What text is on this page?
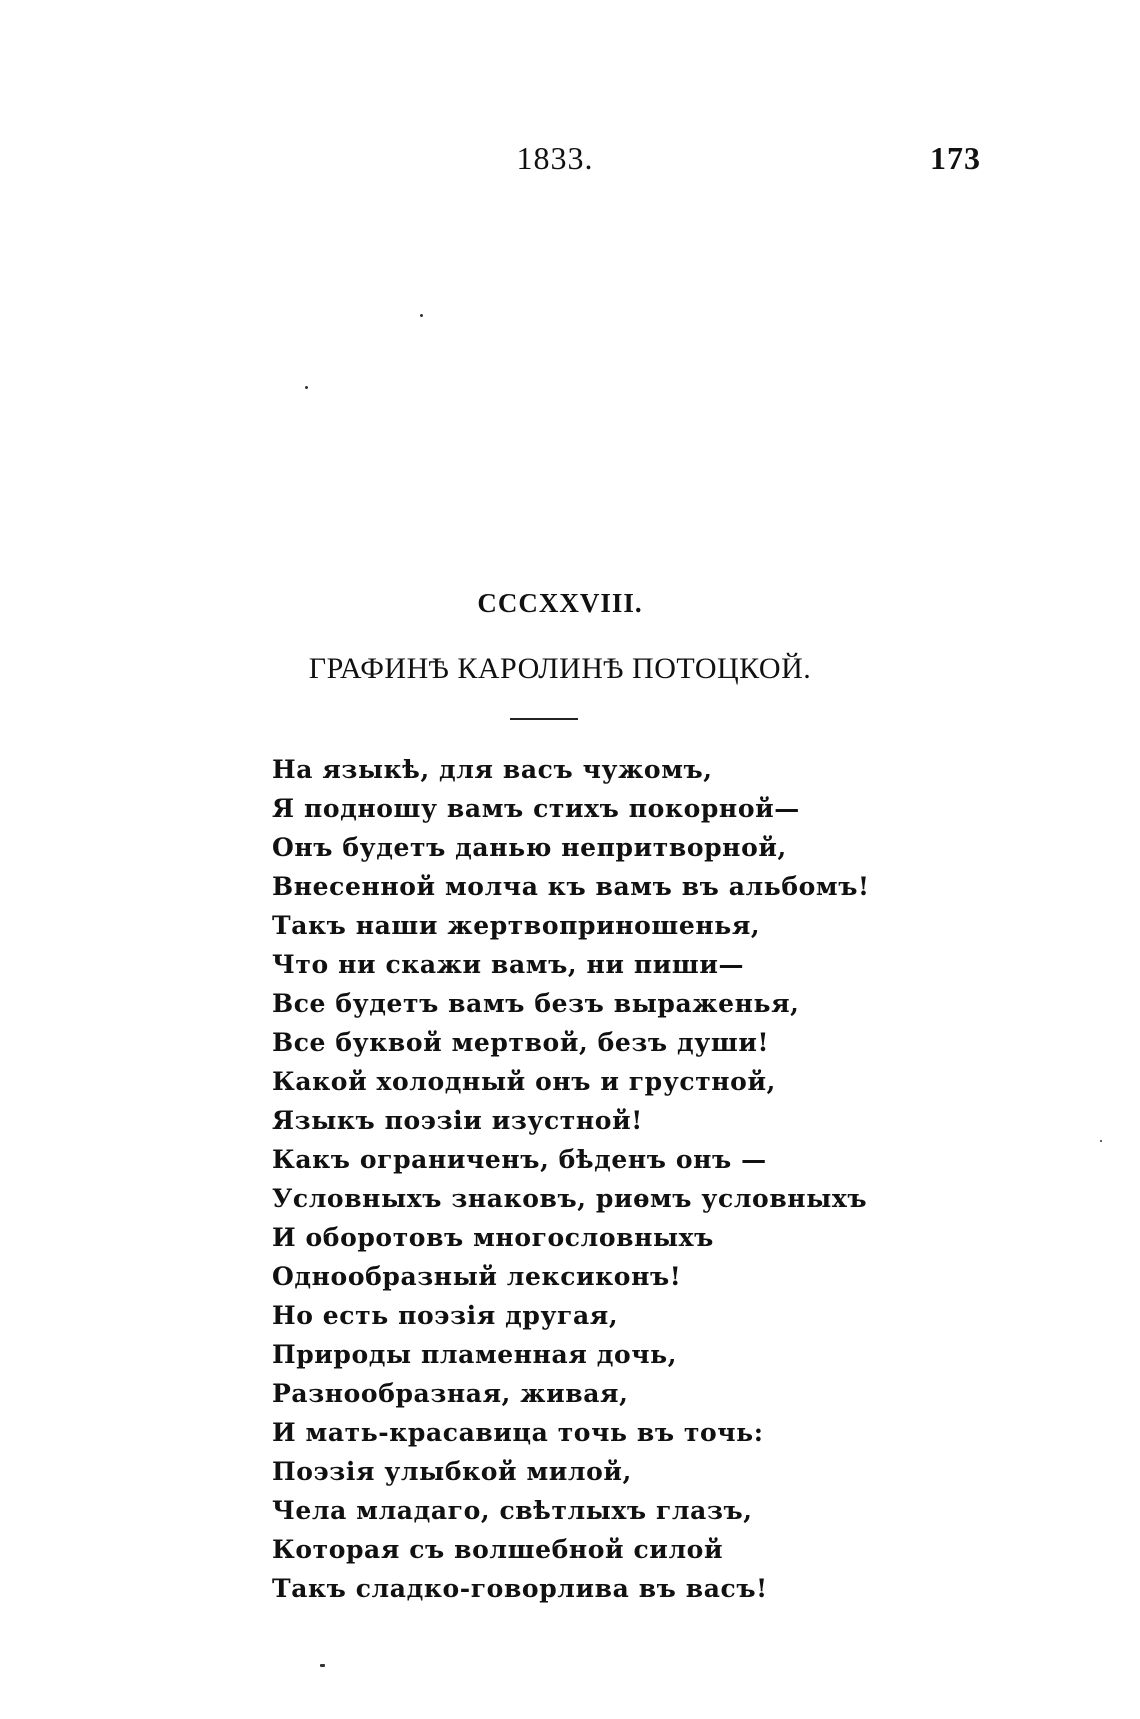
1833.	173
CCCXXVIII.
ГРАФИНѢ КАРОЛИНѢ ПОТОЦКОЙ.
На языкѣ, для васъ чужомъ,
Я подношу вамъ стихъ покорной—
Онъ будетъ данью непритворной,
Внесенной молча къ вамъ въ альбомъ!
Такъ наши жертвоприношенья,
Что ни скажи вамъ, ни пиши—
Все будетъ вамъ безъ выраженья,
Все буквой мертвой, безъ души!
Какой холодный онъ и грустной,
Языкъ поэзіи изустной!
Какъ ограниченъ, бѣденъ онъ —
Условныхъ знаковъ, риѳмъ условныхъ
И оборотовъ многословныхъ
Однообразный лексиконъ!
Но есть поэзія другая,
Природы пламенная дочь,
Разнообразная, живая,
И мать-красавица точь въ точь:
Поэзія улыбкой милой,
Чела младаго, свѣтлыхъ глазъ,
Которая съ волшебной силой
Такъ сладко-говорлива въ васъ!
